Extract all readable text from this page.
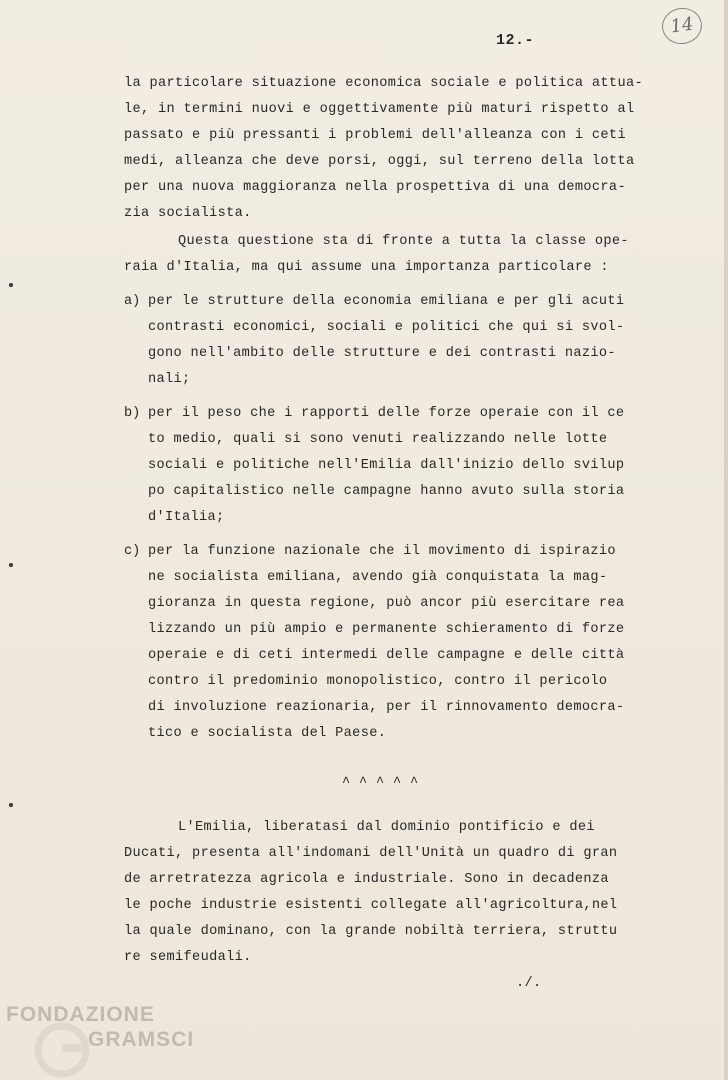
12.-
14
la particolare situazione economica sociale e politica attua-
le, in termini nuovi e oggettivamente più maturi rispetto al
passato e più pressanti i problemi dell'alleanza con i ceti
medi, alleanza che deve porsi, oggi, sul terreno della lotta
per una nuova maggioranza nella prospettiva di una democra-
zia socialista.
Questa questione sta di fronte a tutta la classe ope-
raia d'Italia, ma qui assume una importanza particolare :
a) per le strutture della economia emiliana e per gli acuti
contrasti economici, sociali e politici che qui si svol-
gono nell'ambito delle strutture e dei contrasti nazio-
nali;
b) per il peso che i rapporti delle forze operaie con il ce
to medio, quali si sono venuti realizzando nelle lotte
sociali e politiche nell'Emilia dall'inizio dello svilup
po capitalistico nelle campagne hanno avuto sulla storia
d'Italia;
c) per la funzione nazionale che il movimento di ispirazio
ne socialista emiliana, avendo già conquistata la mag-
gioranza in questa regione, può ancor più esercitare rea
lizzando un più ampio e permanente schieramento di forze
operaie e di ceti intermedi delle campagne e delle città
contro il predominio monopolistico, contro il pericolo
di involuzione reazionaria, per il rinnovamento democra-
tico e socialista del Paese.
^ ^ ^ ^ ^
L'Emilia, liberatasi dal dominio pontificio e dei
Ducati, presenta all'indomani dell'Unità un quadro di gran
de arretratezza agricola e industriale. Sono in decadenza
le poche industrie esistenti collegate all'agricoltura,nel
la quale dominano, con la grande nobiltà terriera, struttu
re semifeudali.
./.
FONDAZIONE
GRAMSCI
